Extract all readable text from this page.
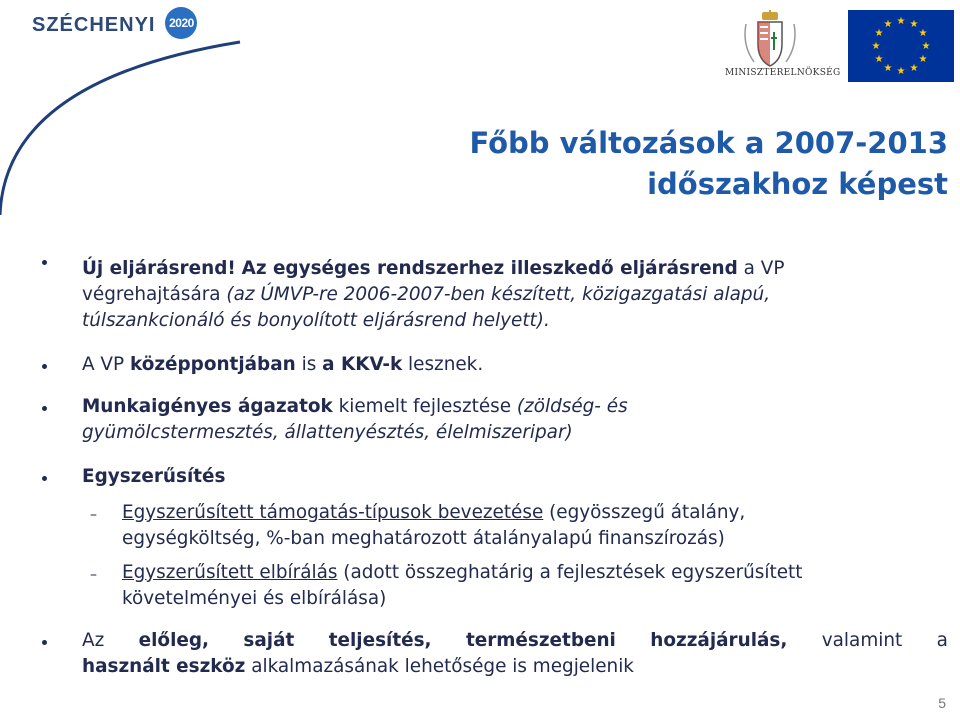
SZÉCHENYI	2020
MINISZTERELNÖKSÉG
★ ★
★
★
★
★
★
★
★
★
★
★
Főbb változások a 2007-2013
időszakhoz képest
Új eljárásrend! Az egységes rendszerhez illeszkedő eljárásrend a VP
végrehajtására (az ÚMVP-re 2006-2007-ben készített, közigazgatási alapú,
túlszankcionáló és bonyolított eljárásrend helyett).
A VP középpontjában is a KKV-k lesznek.
Munkaigényes ágazatok kiemelt fejlesztése (zöldség- és
gyümölcstermesztés, állattenyésztés, élelmiszeripar)
Egyszerűsítés
– Egyszerűsített támogatás-típusok bevezetése (egyösszegű átalány,
egységköltség, %-ban meghatározott átalányalapú finanszírozás)
– Egyszerűsített elbírálás (adott összeghatárig a fejlesztések egyszerűsített
követelményei és elbírálása)
Az előleg, saját teljesítés, természetbeni hozzájárulás, valamint a
használt eszköz alkalmazásának lehetősége is megjelenik
5
